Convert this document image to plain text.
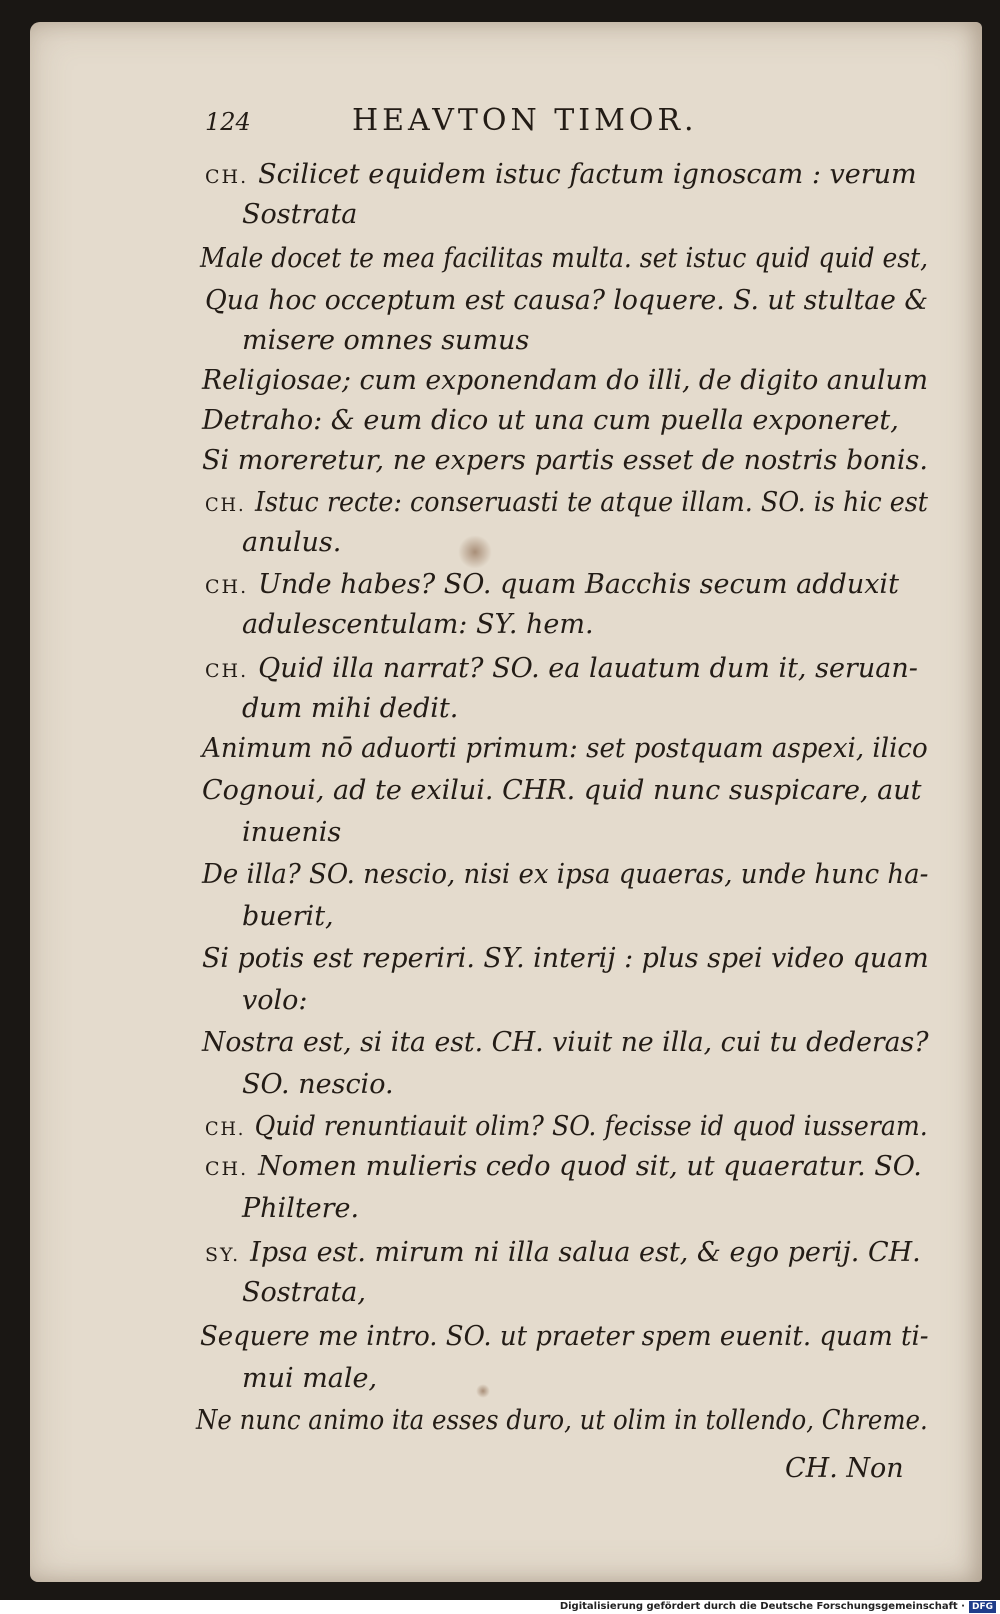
124	HEAVTON TIMOR.
CH. Scilicet equidem istuc factum ignoscam : verum
Sostrata
Male docet te mea facilitas multa. set istuc quid quid est,
Qua hoc occeptum est causa? loquere. S. ut stultae &
misere omnes sumus
Religiosae; cum exponendam do illi, de digito anulum
Detraho: & eum dico ut una cum puella exponeret,
Si moreretur, ne expers partis esset de nostris bonis.
CH. Istuc recte: conseruasti te atque illam. SO. is hic est
anulus.
CH. Unde habes? SO. quam Bacchis secum adduxit
adulescentulam: SY. hem.
CH. Quid illa narrat? SO. ea lauatum dum it, seruan-
dum mihi dedit.
Animum nō aduorti primum: set postquam aspexi, ilico
Cognoui, ad te exilui. CHR. quid nunc suspicare, aut
inuenis
De illa? SO. nescio, nisi ex ipsa quaeras, unde hunc ha-
buerit,
Si potis est reperiri. SY. interij : plus spei video quam
volo:
Nostra est, si ita est. CH. viuit ne illa, cui tu dederas?
SO. nescio.
CH. Quid renuntiauit olim? SO. fecisse id quod iusseram.
CH. Nomen mulieris cedo quod sit, ut quaeratur. SO.
Philtere.
SY. Ipsa est. mirum ni illa salua est, & ego perij. CH.
Sostrata,
Sequere me intro. SO. ut praeter spem euenit. quam ti-
mui male,
Ne nunc animo ita esses duro, ut olim in tollendo, Chreme.
CH. Non
Digitalisierung gefördert durch die Deutsche Forschungsgemeinschaft · DFG
